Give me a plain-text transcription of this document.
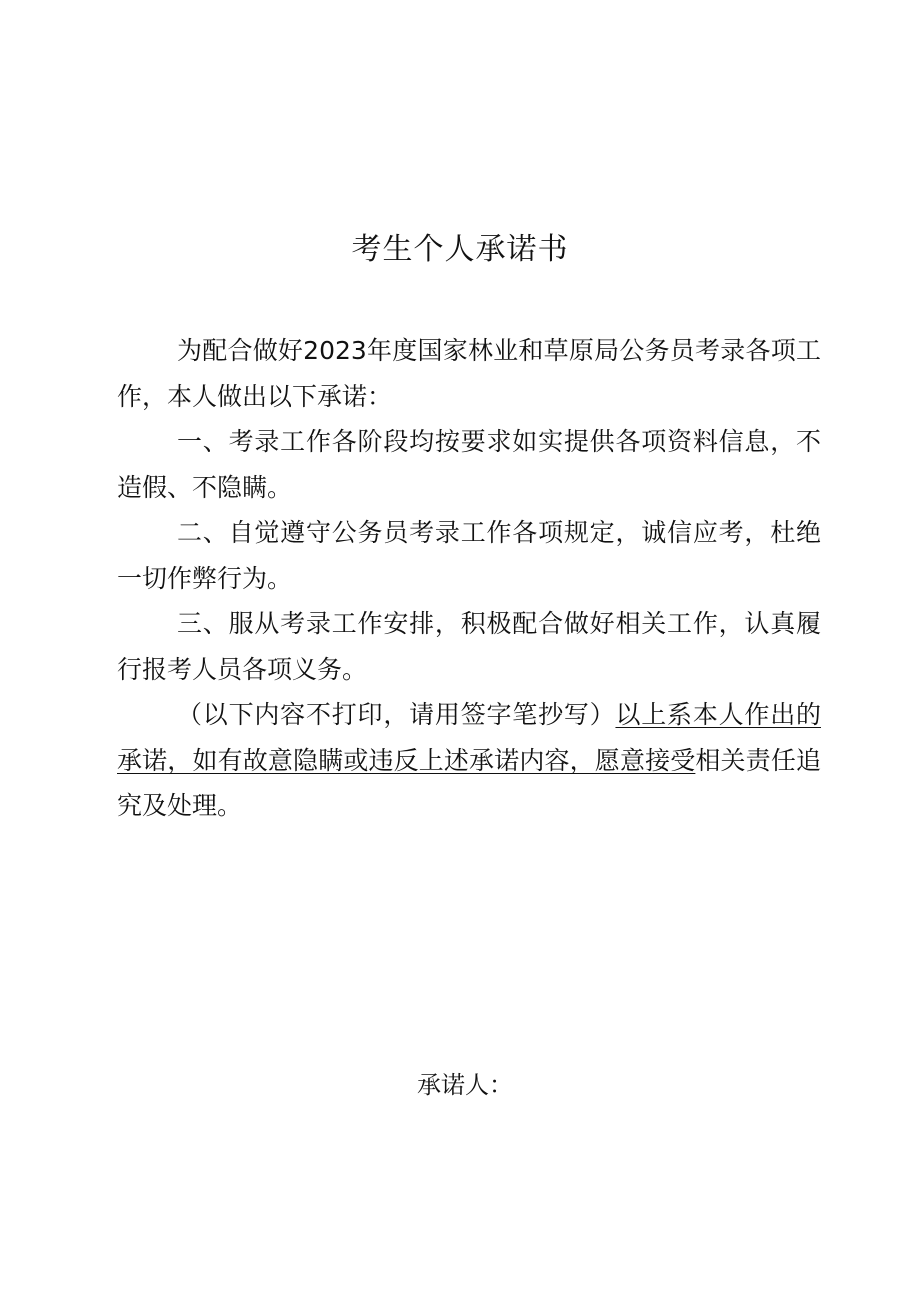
考生个人承诺书

为配合做好2023年度国家林业和草原局公务员考录各项工作，本人做出以下承诺：

一、考录工作各阶段均按要求如实提供各项资料信息，不造假、不隐瞒。

二、自觉遵守公务员考录工作各项规定，诚信应考，杜绝一切作弊行为。

三、服从考录工作安排，积极配合做好相关工作，认真履行报考人员各项义务。

（以下内容不打印，请用签字笔抄写）以上系本人作出的承诺，如有故意隐瞒或违反上述承诺内容，愿意接受相关责任追究及处理。

承诺人：
